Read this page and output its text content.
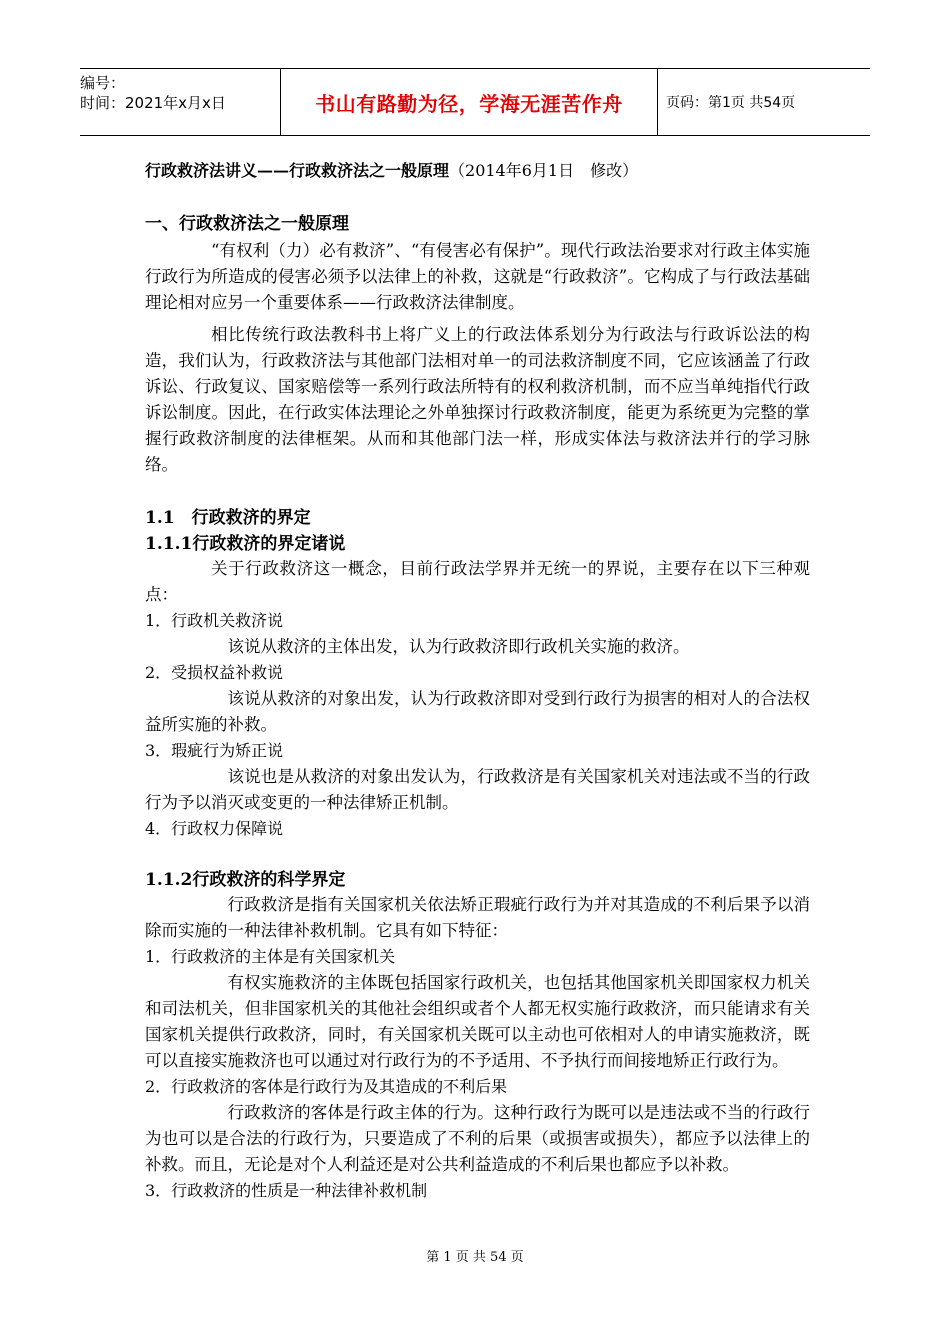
编号：
时间：2021年x月x日	书山有路勤为径，学海无涯苦作舟	页码：第1页 共54页

行政救济法讲义——行政救济法之一般原理（2014年6月1日　修改）

一、行政救济法之一般原理

“有权利（力）必有救济”、“有侵害必有保护”。现代行政法治要求对行政主体实施行政行为所造成的侵害必须予以法律上的补救，这就是“行政救济”。它构成了与行政法基础理论相对应另一个重要体系——行政救济法律制度。

相比传统行政法教科书上将广义上的行政法体系划分为行政法与行政诉讼法的构造，我们认为，行政救济法与其他部门法相对单一的司法救济制度不同，它应该涵盖了行政诉讼、行政复议、国家赔偿等一系列行政法所特有的权利救济机制，而不应当单纯指代行政诉讼制度。因此，在行政实体法理论之外单独探讨行政救济制度，能更为系统更为完整的掌握行政救济制度的法律框架。从而和其他部门法一样，形成实体法与救济法并行的学习脉络。

1.1　行政救济的界定

1.1.1行政救济的界定诸说

关于行政救济这一概念，目前行政法学界并无统一的界说，主要存在以下三种观点：

1．行政机关救济说

该说从救济的主体出发，认为行政救济即行政机关实施的救济。

2．受损权益补救说

该说从救济的对象出发，认为行政救济即对受到行政行为损害的相对人的合法权益所实施的补救。

3．瑕疵行为矫正说

该说也是从救济的对象出发认为，行政救济是有关国家机关对违法或不当的行政行为予以消灭或变更的一种法律矫正机制。

4．行政权力保障说

1.1.2行政救济的科学界定

行政救济是指有关国家机关依法矫正瑕疵行政行为并对其造成的不利后果予以消除而实施的一种法律补救机制。它具有如下特征：

1．行政救济的主体是有关国家机关

有权实施救济的主体既包括国家行政机关，也包括其他国家机关即国家权力机关和司法机关，但非国家机关的其他社会组织或者个人都无权实施行政救济，而只能请求有关国家机关提供行政救济，同时，有关国家机关既可以主动也可依相对人的申请实施救济，既可以直接实施救济也可以通过对行政行为的不予适用、不予执行而间接地矫正行政行为。

2．行政救济的客体是行政行为及其造成的不利后果

行政救济的客体是行政主体的行为。这种行政行为既可以是违法或不当的行政行为也可以是合法的行政行为，只要造成了不利的后果（或损害或损失），都应予以法律上的补救。而且，无论是对个人利益还是对公共利益造成的不利后果也都应予以补救。

3．行政救济的性质是一种法律补救机制

第 1 页 共 54 页
